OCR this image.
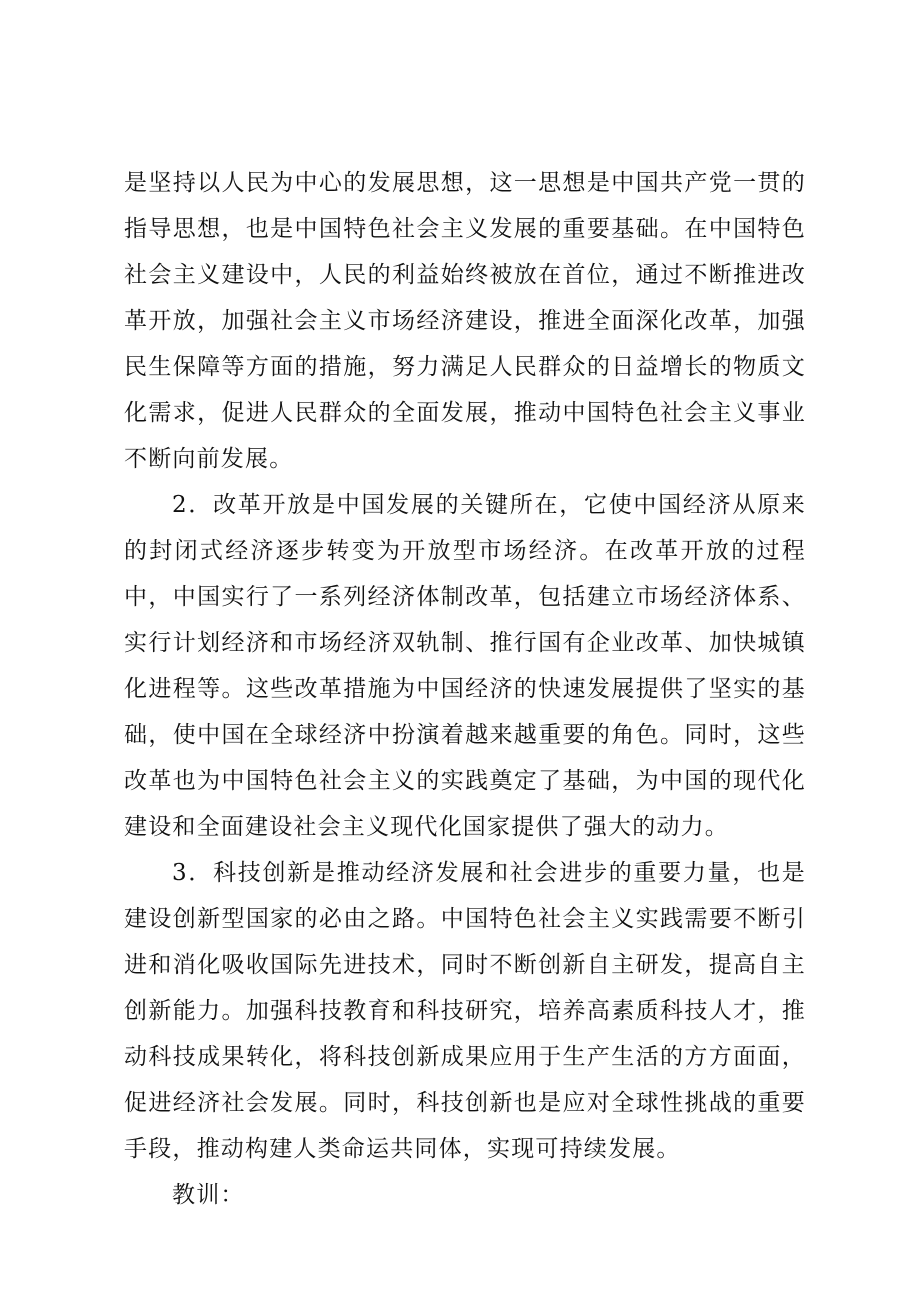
是坚持以人民为中心的发展思想，这一思想是中国共产党一贯的指导思想，也是中国特色社会主义发展的重要基础。在中国特色社会主义建设中，人民的利益始终被放在首位，通过不断推进改革开放，加强社会主义市场经济建设，推进全面深化改革，加强民生保障等方面的措施，努力满足人民群众的日益增长的物质文化需求，促进人民群众的全面发展，推动中国特色社会主义事业不断向前发展。

2．改革开放是中国发展的关键所在，它使中国经济从原来的封闭式经济逐步转变为开放型市场经济。在改革开放的过程中，中国实行了一系列经济体制改革，包括建立市场经济体系、实行计划经济和市场经济双轨制、推行国有企业改革、加快城镇化进程等。这些改革措施为中国经济的快速发展提供了坚实的基础，使中国在全球经济中扮演着越来越重要的角色。同时，这些改革也为中国特色社会主义的实践奠定了基础，为中国的现代化建设和全面建设社会主义现代化国家提供了强大的动力。

3．科技创新是推动经济发展和社会进步的重要力量，也是建设创新型国家的必由之路。中国特色社会主义实践需要不断引进和消化吸收国际先进技术，同时不断创新自主研发，提高自主创新能力。加强科技教育和科技研究，培养高素质科技人才，推动科技成果转化，将科技创新成果应用于生产生活的方方面面，促进经济社会发展。同时，科技创新也是应对全球性挑战的重要手段，推动构建人类命运共同体，实现可持续发展。

教训：
